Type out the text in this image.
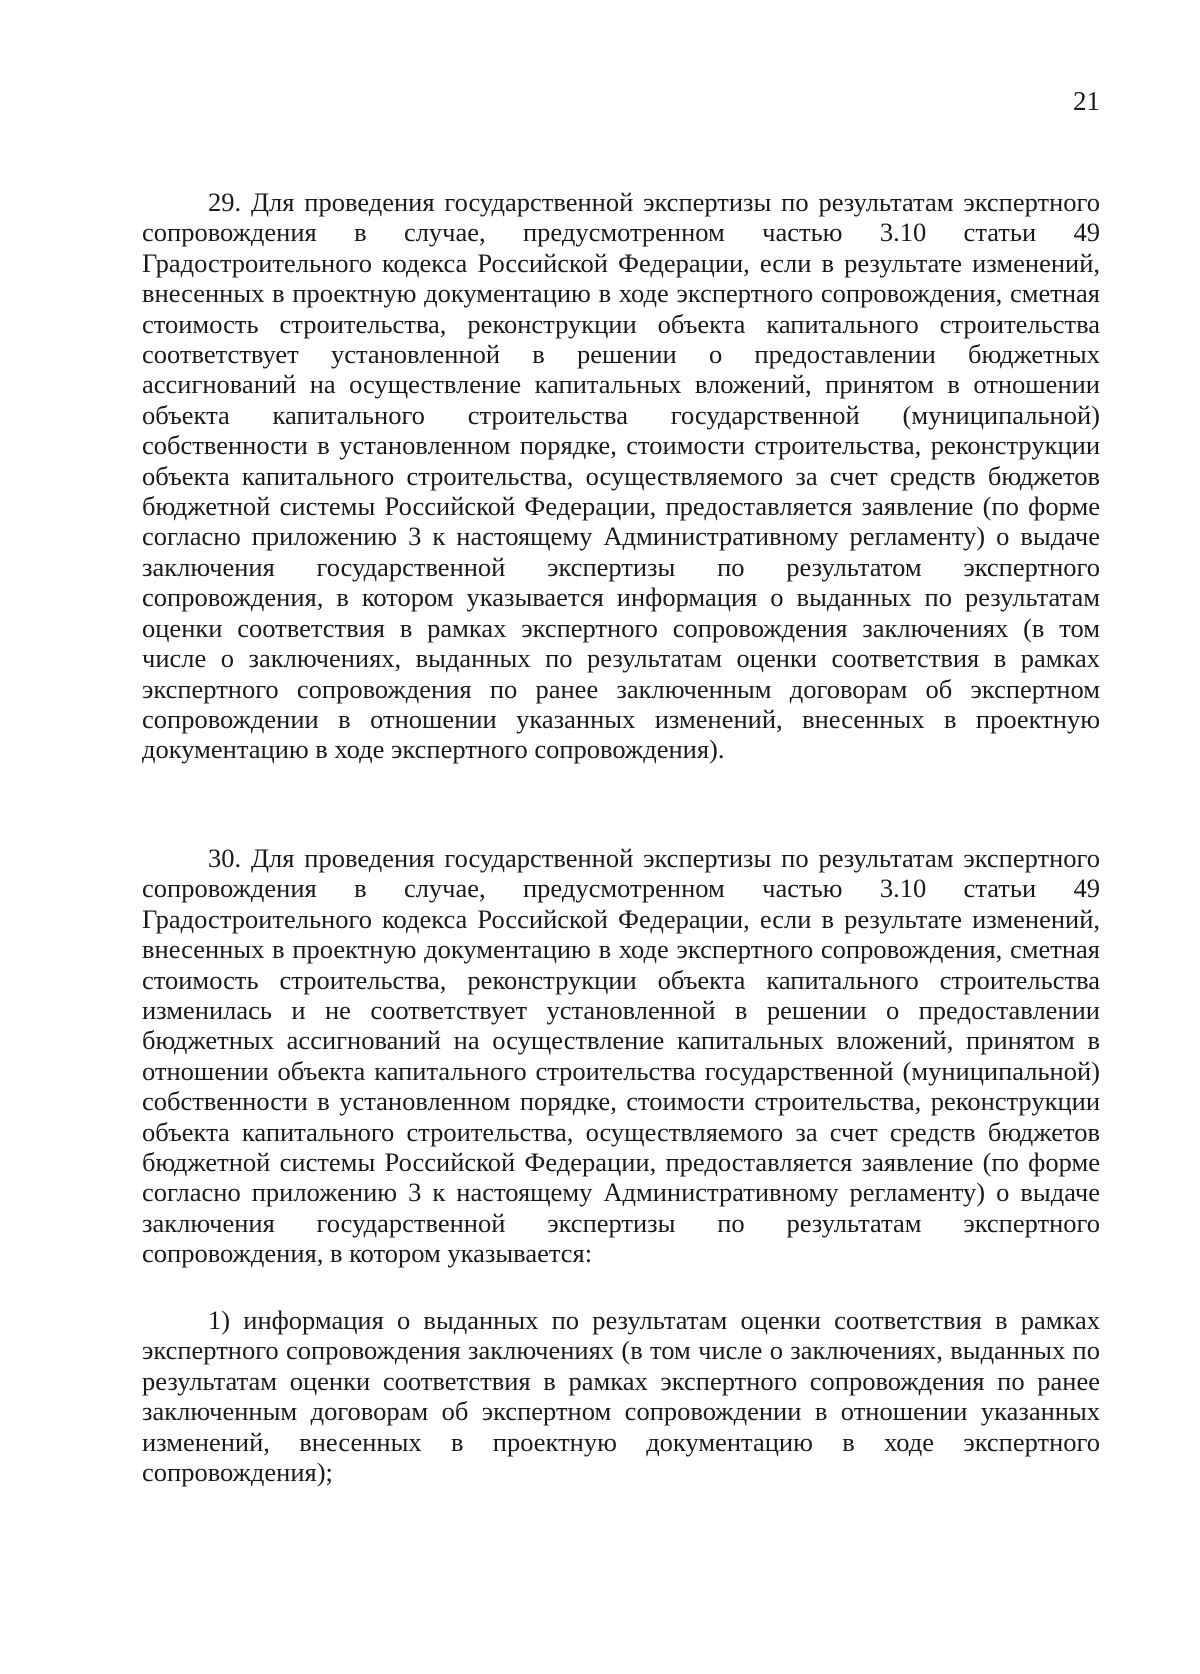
21

29. Для проведения государственной экспертизы по результатам экспертного сопровождения в случае, предусмотренном частью 3.10 статьи 49 Градостроительного кодекса Российской Федерации, если в результате изменений, внесенных в проектную документацию в ходе экспертного сопровождения, сметная стоимость строительства, реконструкции объекта капитального строительства соответствует установленной в решении о предоставлении бюджетных ассигнований на осуществление капитальных вложений, принятом в отношении объекта капитального строительства государственной (муниципальной) собственности в установленном порядке, стоимости строительства, реконструкции объекта капитального строительства, осуществляемого за счет средств бюджетов бюджетной системы Российской Федерации, предоставляется заявление (по форме согласно приложению 3 к настоящему Административному регламенту) о выдаче заключения государственной экспертизы по результатом экспертного сопровождения, в котором указывается информация о выданных по результатам оценки соответствия в рамках экспертного сопровождения заключениях (в том числе о заключениях, выданных по результатам оценки соответствия в рамках экспертного сопровождения по ранее заключенным договорам об экспертном сопровождении в отношении указанных изменений, внесенных в проектную документацию в ходе экспертного сопровождения).

30. Для проведения государственной экспертизы по результатам экспертного сопровождения в случае, предусмотренном частью 3.10 статьи 49 Градостроительного кодекса Российской Федерации, если в результате изменений, внесенных в проектную документацию в ходе экспертного сопровождения, сметная стоимость строительства, реконструкции объекта капитального строительства изменилась и не соответствует установленной в решении о предоставлении бюджетных ассигнований на осуществление капитальных вложений, принятом в отношении объекта капитального строительства государственной (муниципальной) собственности в установленном порядке, стоимости строительства, реконструкции объекта капитального строительства, осуществляемого за счет средств бюджетов бюджетной системы Российской Федерации, предоставляется заявление (по форме согласно приложению 3 к настоящему Административному регламенту) о выдаче заключения государственной экспертизы по результатам экспертного сопровождения, в котором указывается:

1) информация о выданных по результатам оценки соответствия в рамках экспертного сопровождения заключениях (в том числе о заключениях, выданных по результатам оценки соответствия в рамках экспертного сопровождения по ранее заключенным договорам об экспертном сопровождении в отношении указанных изменений, внесенных в проектную документацию в ходе экспертного сопровождения);
